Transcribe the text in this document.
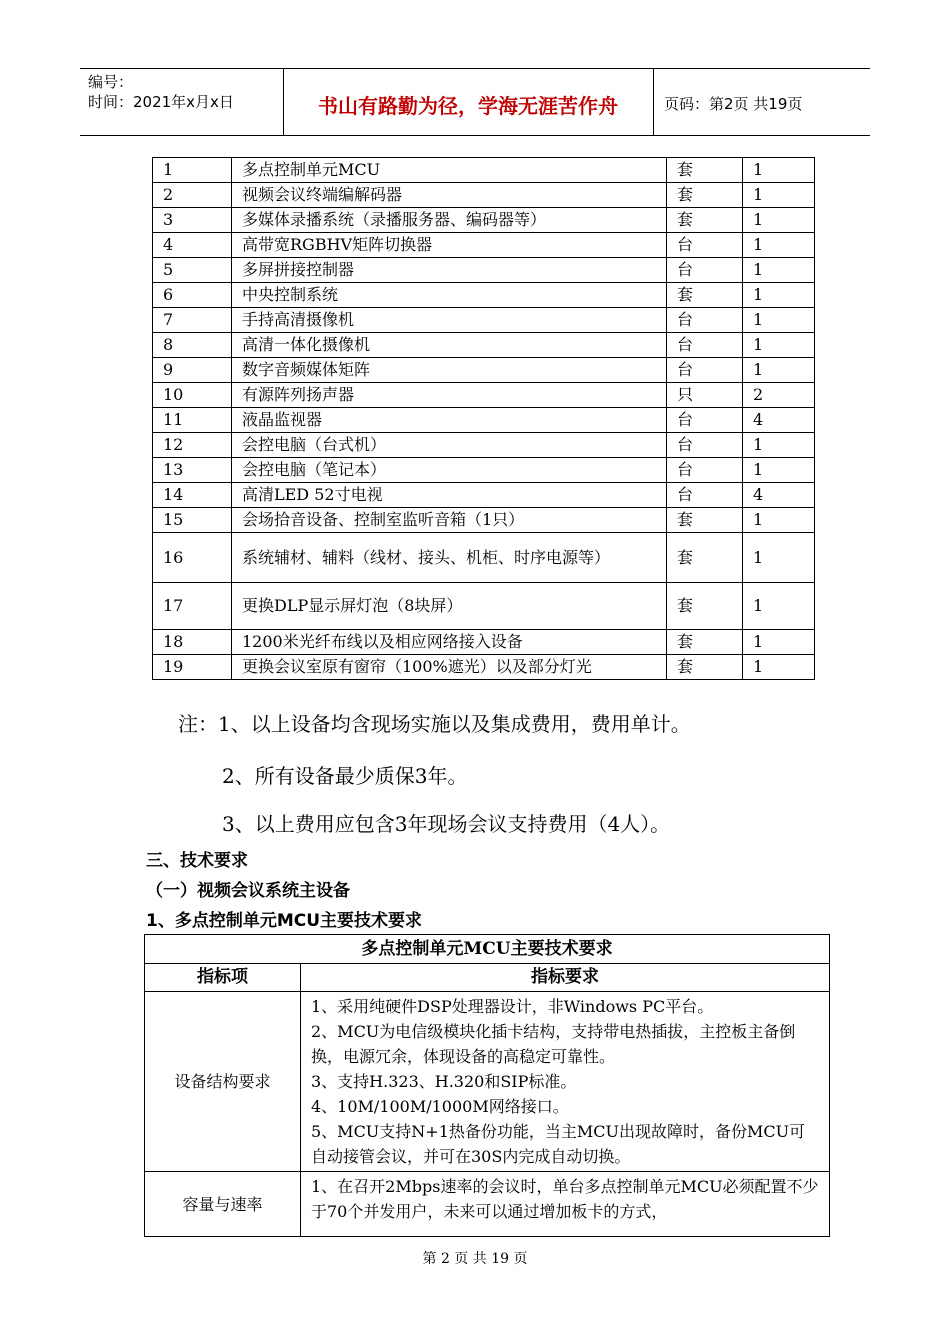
编号：
时间：2021年x月x日	书山有路勤为径，学海无涯苦作舟	页码：第2页 共19页
1	多点控制单元MCU	套	1
2	视频会议终端编解码器	套	1
3	多媒体录播系统（录播服务器、编码器等）	套	1
4	高带宽RGBHV矩阵切换器	台	1
5	多屏拼接控制器	台	1
6	中央控制系统	套	1
7	手持高清摄像机	台	1
8	高清一体化摄像机	台	1
9	数字音频媒体矩阵	台	1
10	有源阵列扬声器	只	2
11	液晶监视器	台	4
12	会控电脑（台式机）	台	1
13	会控电脑（笔记本）	台	1
14	高清LED 52寸电视	台	4
15	会场拾音设备、控制室监听音箱（1只）	套	1
16	系统辅材、辅料（线材、接头、机柜、时序电源等）	套	1
17	更换DLP显示屏灯泡（8块屏）	套	1
18	1200米光纤布线以及相应网络接入设备	套	1
19	更换会议室原有窗帘（100%遮光）以及部分灯光	套	1
注：1、以上设备均含现场实施以及集成费用，费用单计。
2、所有设备最少质保3年。
3、以上费用应包含3年现场会议支持费用（4人）。
三、技术要求
（一）视频会议系统主设备
1、多点控制单元MCU主要技术要求
多点控制单元MCU主要技术要求	
指标项	指标要求
设备结构要求	1、采用纯硬件DSP处理器设计，非Windows PC平台。
2、MCU为电信级模块化插卡结构，支持带电热插拔，主控板主备倒换，电源冗余，体现设备的高稳定可靠性。
3、支持H.323、H.320和SIP标准。
4、10M/100M/1000M网络接口。
5、MCU支持N+1热备份功能，当主MCU出现故障时，备份MCU可自动接管会议，并可在30S内完成自动切换。

容量与速率	1、在召开2Mbps速率的会议时，单台多点控制单元MCU必须配置不少于70个并发用户，未来可以通过增加板卡的方式，
第 2 页 共 19 页
